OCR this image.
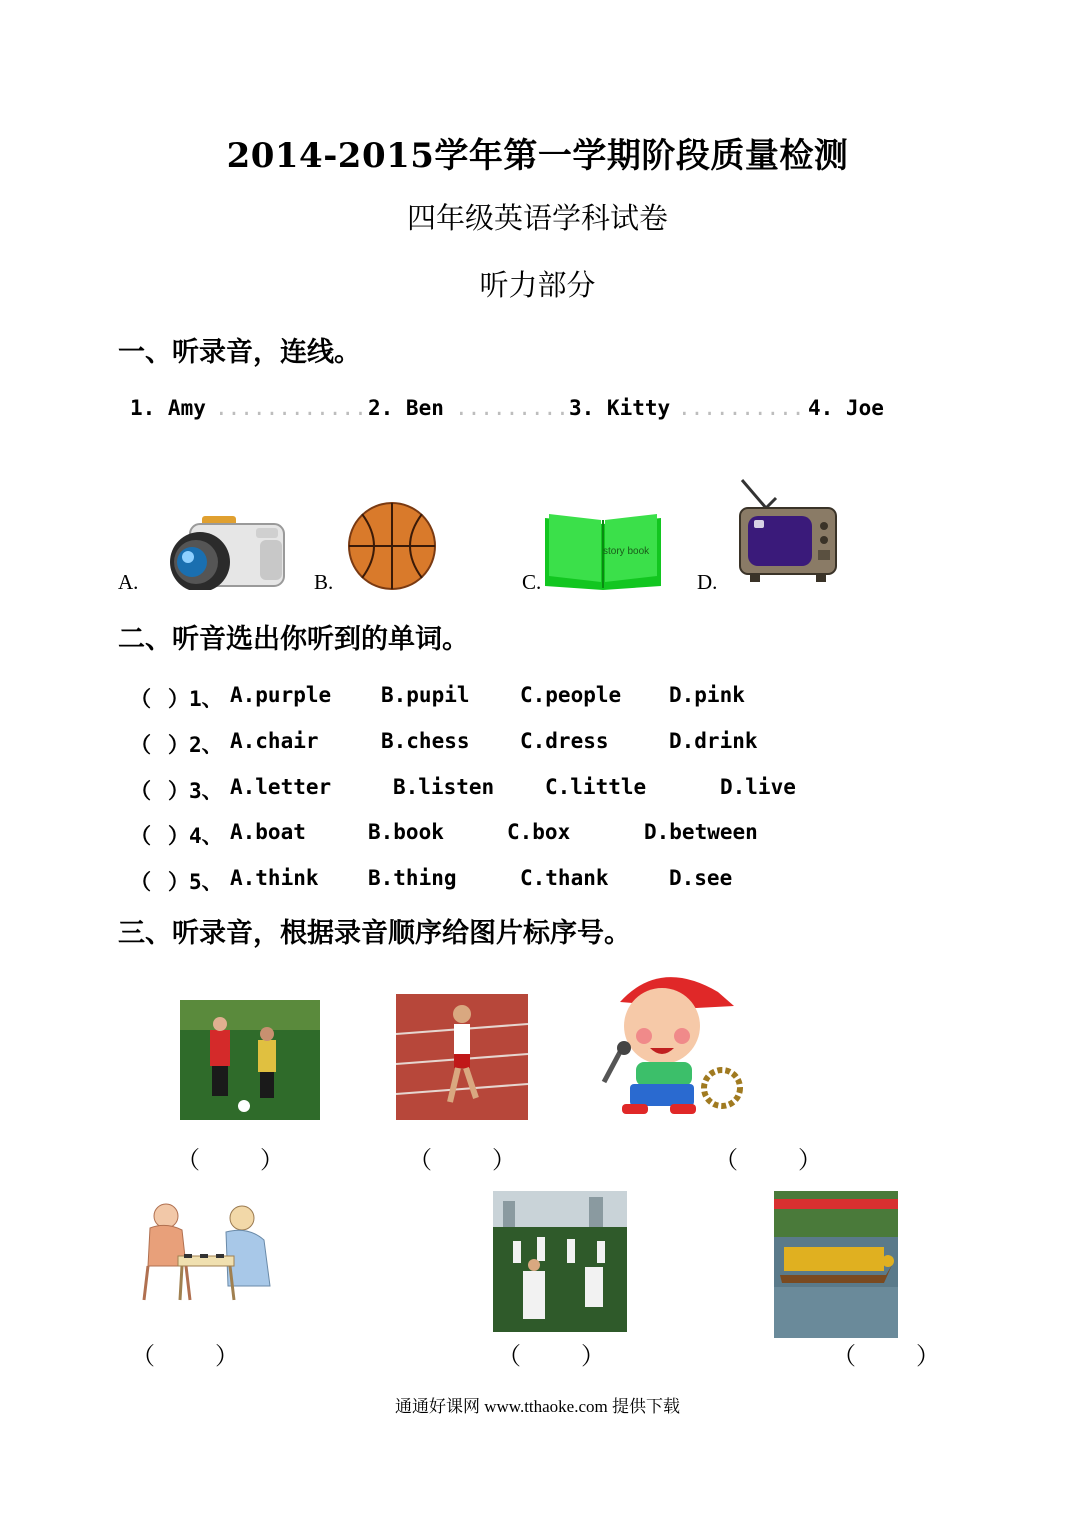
2014-2015学年第一学期阶段质量检测
四年级英语学科试卷
听力部分
一、听录音，连线。
1. Amy ............ 2. Ben ......... 3. Kitty .......... 4. Joe
A.	B.	C.	D.
story book
二、听音选出你听到的单词。
（ ）1、 A.purple B.pupil C.people D.pink
（ ）2、 A.chair	B.chess C.dress	D.drink
（ ）3、 A.letter	B.listen C.little	D.live
（ ）4、 A.boat	B.book	C.box	D.between
（ ）5、 A.think B.thing	C.thank	D.see
三、听录音，根据录音顺序给图片标序号。
（          ）	（          ）	（          ）
（          ）	（          ）	（          ）
通通好课网 www.tthaoke.com 提供下载
